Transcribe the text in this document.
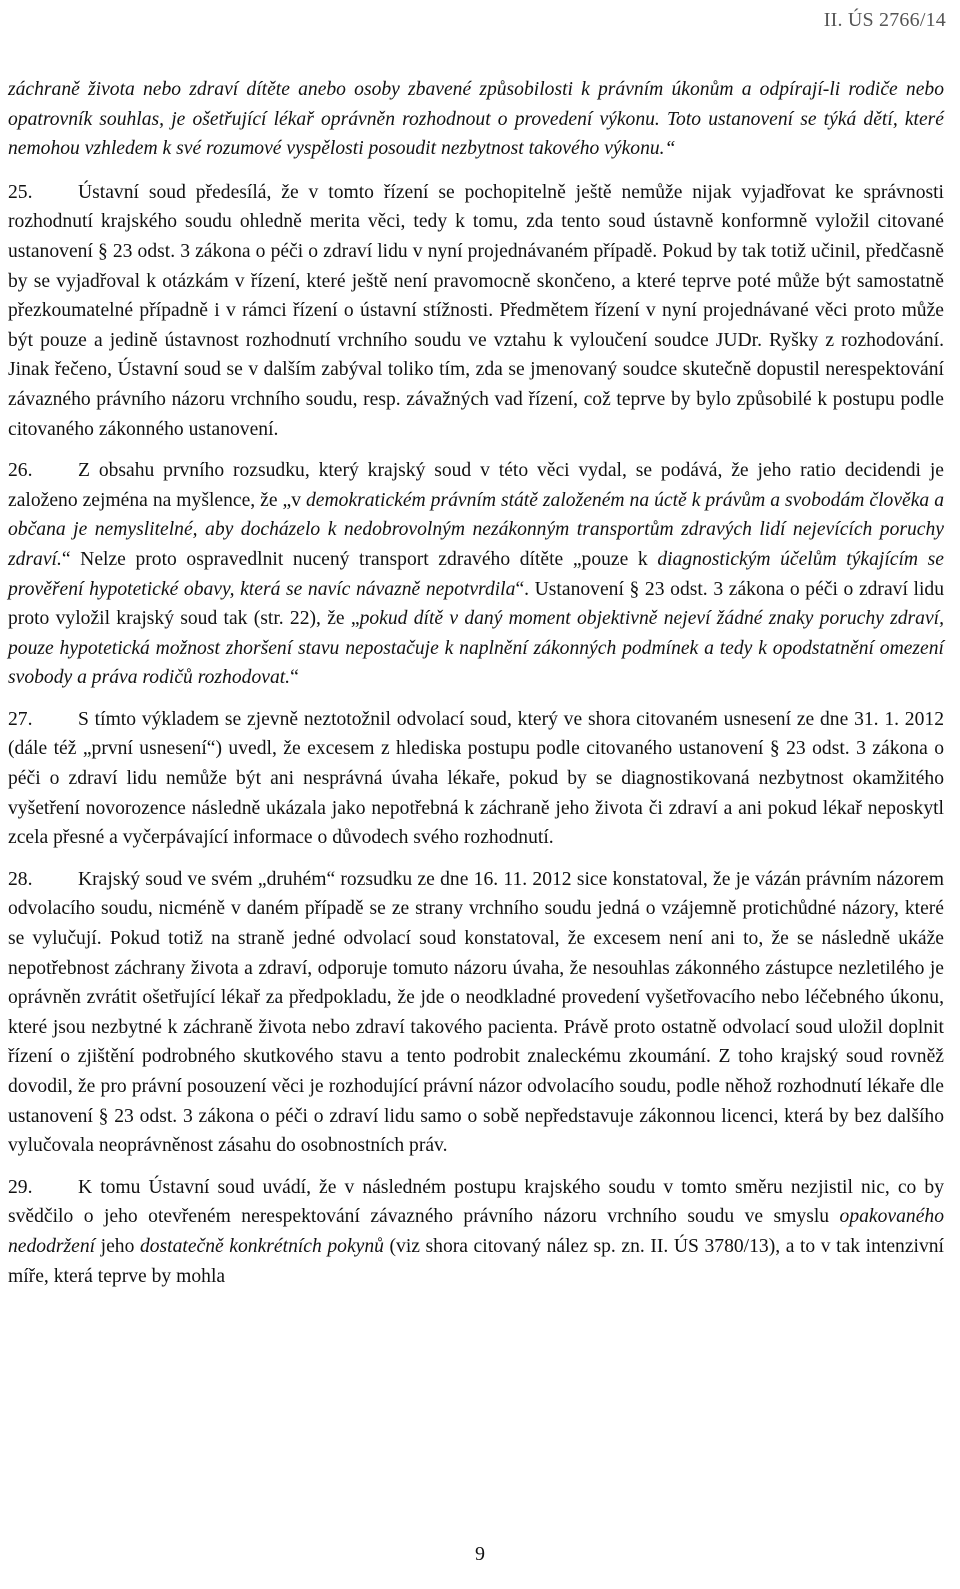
II. ÚS 2766/14

záchraně života nebo zdraví dítěte anebo osoby zbavené způsobilosti k právním úkonům a odpírají-li rodiče nebo opatrovník souhlas, je ošetřující lékař oprávněn rozhodnout o provedení výkonu. Toto ustanovení se týká dětí, které nemohou vzhledem k své rozumové vyspělosti posoudit nezbytnost takového výkonu.“

25. Ústavní soud předesílá, že v tomto řízení se pochopitelně ještě nemůže nijak vyjadřovat ke správnosti rozhodnutí krajského soudu ohledně merita věci, tedy k tomu, zda tento soud ústavně konformně vyložil citované ustanovení § 23 odst. 3 zákona o péči o zdraví lidu v nyní projednávaném případě. Pokud by tak totiž učinil, předčasně by se vyjadřoval k otázkám v řízení, které ještě není pravomocně skončeno, a které teprve poté může být samostatně přezkoumatelné případně i v rámci řízení o ústavní stížnosti. Předmětem řízení v nyní projednávané věci proto může být pouze a jedině ústavnost rozhodnutí vrchního soudu ve vztahu k vyloučení soudce JUDr. Ryšky z rozhodování. Jinak řečeno, Ústavní soud se v dalším zabýval toliko tím, zda se jmenovaný soudce skutečně dopustil nerespektování závazného právního názoru vrchního soudu, resp. závažných vad řízení, což teprve by bylo způsobilé k postupu podle citovaného zákonného ustanovení.

26. Z obsahu prvního rozsudku, který krajský soud v této věci vydal, se podává, že jeho ratio decidendi je založeno zejména na myšlence, že „v demokratickém právním státě založeném na úctě k právům a svobodám člověka a občana je nemyslitelné, aby docházelo k nedobrovolným nezákonným transportům zdravých lidí nejevících poruchy zdraví.“ Nelze proto ospravedlnit nucený transport zdravého dítěte „pouze k diagnostickým účelům týkajícím se prověření hypotetické obavy, která se navíc návazně nepotvrdila“. Ustanovení § 23 odst. 3 zákona o péči o zdraví lidu proto vyložil krajský soud tak (str. 22), že „pokud dítě v daný moment objektivně nejeví žádné znaky poruchy zdraví, pouze hypotetická možnost zhoršení stavu nepostačuje k naplnění zákonných podmínek a tedy k opodstatnění omezení svobody a práva rodičů rozhodovat.“

27. S tímto výkladem se zjevně neztotožnil odvolací soud, který ve shora citovaném usnesení ze dne 31. 1. 2012 (dále též „první usnesení“) uvedl, že excesem z hlediska postupu podle citovaného ustanovení § 23 odst. 3 zákona o péči o zdraví lidu nemůže být ani nesprávná úvaha lékaře, pokud by se diagnostikovaná nezbytnost okamžitého vyšetření novorozence následně ukázala jako nepotřebná k záchraně jeho života či zdraví a ani pokud lékař neposkytl zcela přesné a vyčerpávající informace o důvodech svého rozhodnutí.

28. Krajský soud ve svém „druhém“ rozsudku ze dne 16. 11. 2012 sice konstatoval, že je vázán právním názorem odvolacího soudu, nicméně v daném případě se ze strany vrchního soudu jedná o vzájemně protichůdné názory, které se vylučují. Pokud totiž na straně jedné odvolací soud konstatoval, že excesem není ani to, že se následně ukáže nepotřebnost záchrany života a zdraví, odporuje tomuto názoru úvaha, že nesouhlas zákonného zástupce nezletilého je oprávněn zvrátit ošetřující lékař za předpokladu, že jde o neodkladné provedení vyšetřovacího nebo léčebného úkonu, které jsou nezbytné k záchraně života nebo zdraví takového pacienta. Právě proto ostatně odvolací soud uložil doplnit řízení o zjištění podrobného skutkového stavu a tento podrobit znaleckému zkoumání. Z toho krajský soud rovněž dovodil, že pro právní posouzení věci je rozhodující právní názor odvolacího soudu, podle něhož rozhodnutí lékaře dle ustanovení § 23 odst. 3 zákona o péči o zdraví lidu samo o sobě nepředstavuje zákonnou licenci, která by bez dalšího vylučovala neoprávněnost zásahu do osobnostních práv.

29. K tomu Ústavní soud uvádí, že v následném postupu krajského soudu v tomto směru nezjistil nic, co by svědčilo o jeho otevřeném nerespektování závazného právního názoru vrchního soudu ve smyslu opakovaného nedodržení jeho dostatečně konkrétních pokynů (viz shora citovaný nález sp. zn. II. ÚS 3780/13), a to v tak intenzivní míře, která teprve by mohla

9
